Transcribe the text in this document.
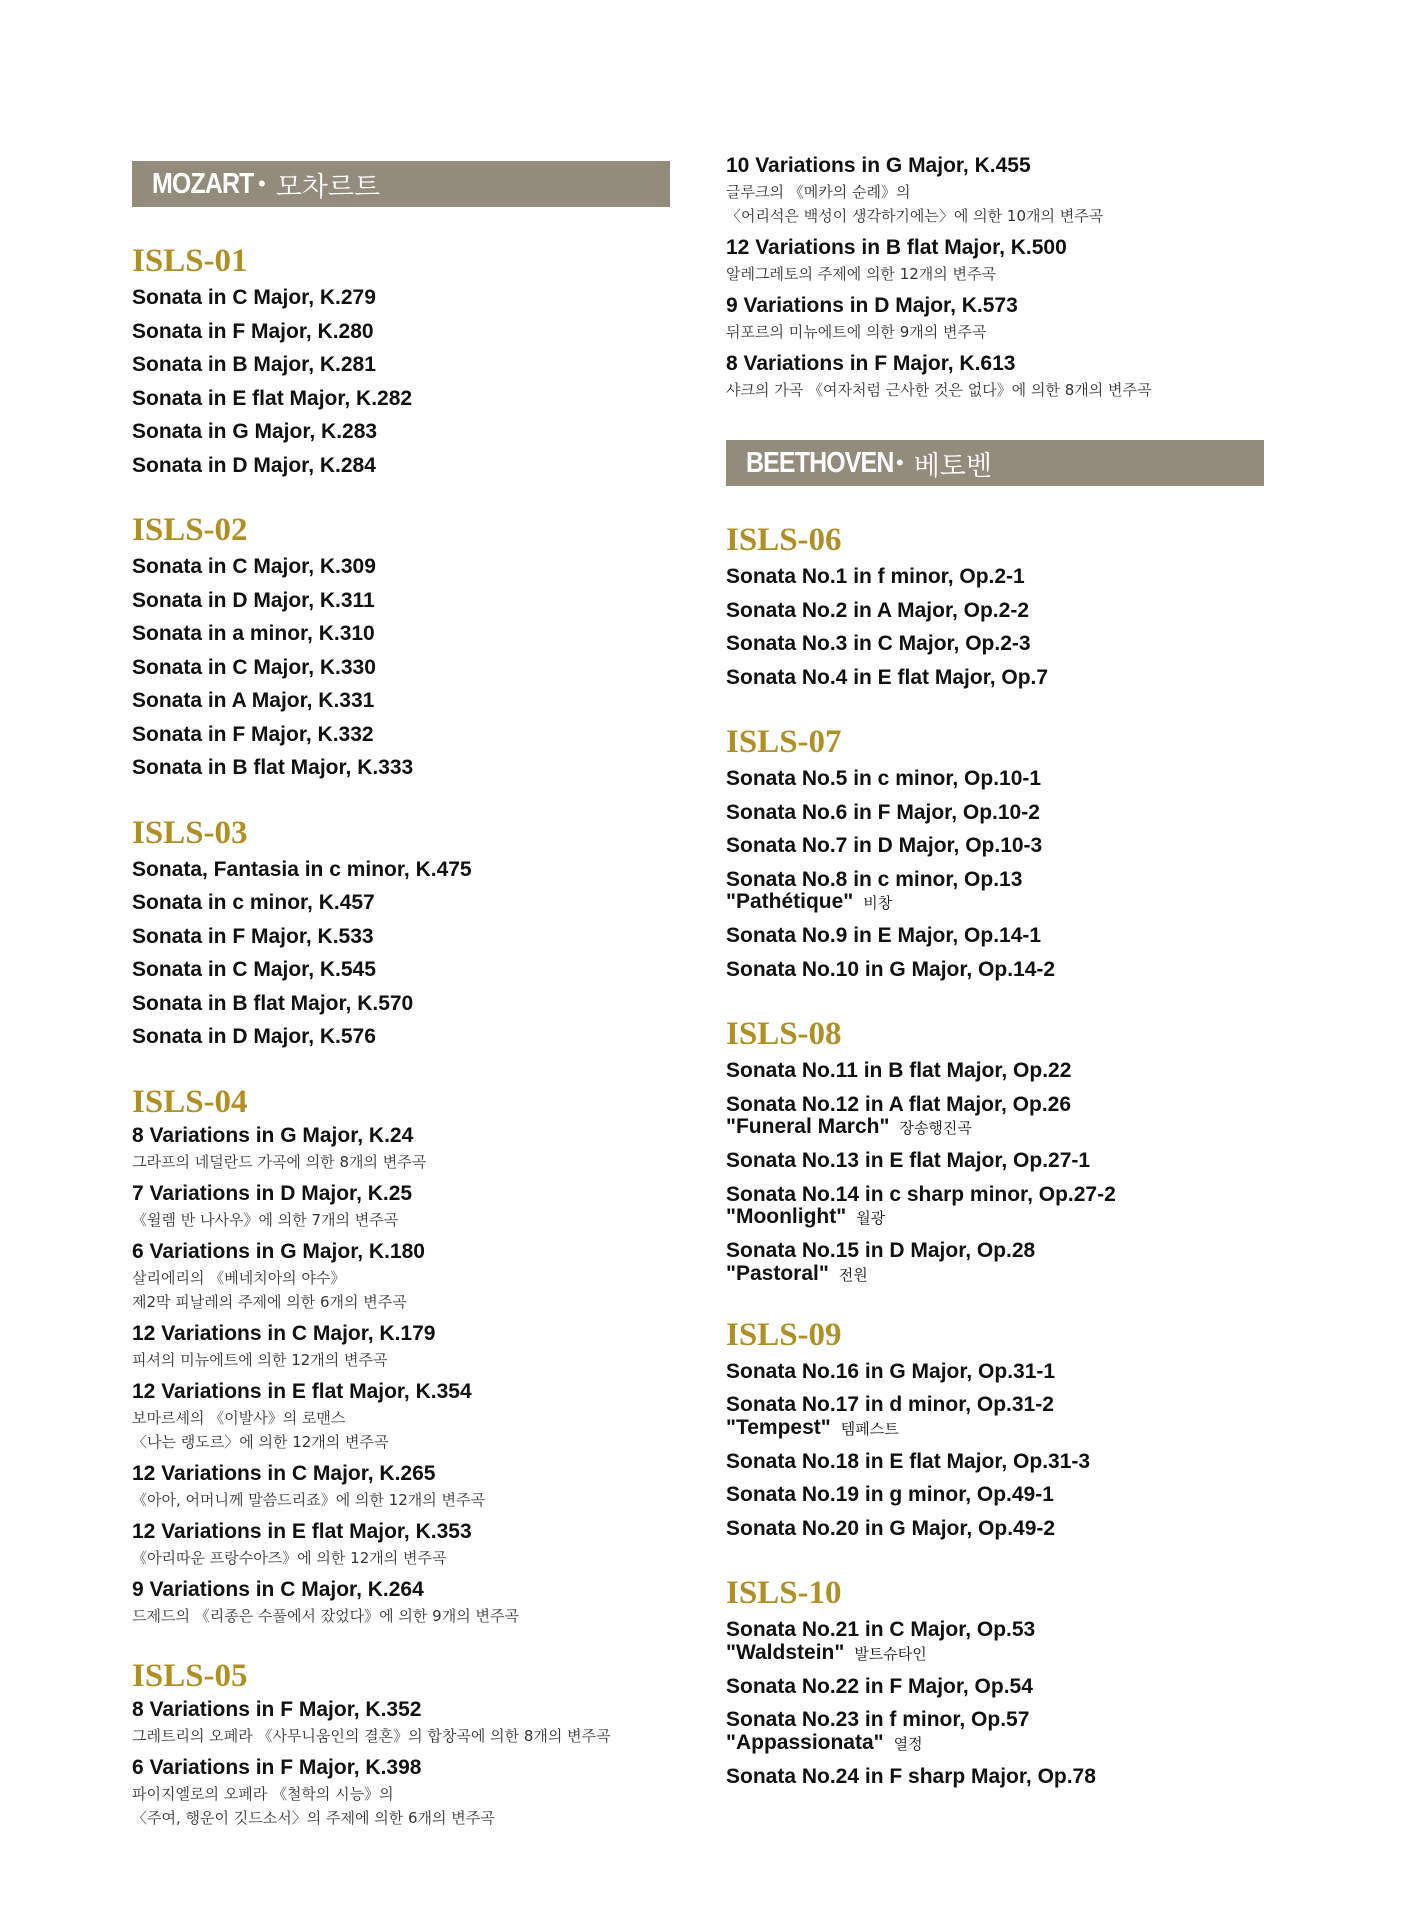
MOZART • 모차르트
ISLS-01
Sonata in C Major, K.279
Sonata in F Major, K.280
Sonata in B Major, K.281
Sonata in E flat Major, K.282
Sonata in G Major, K.283
Sonata in D Major, K.284
ISLS-02
Sonata in C Major, K.309
Sonata in D Major, K.311
Sonata in a minor, K.310
Sonata in C Major, K.330
Sonata in A Major, K.331
Sonata in F Major, K.332
Sonata in B flat Major, K.333
ISLS-03
Sonata, Fantasia in c minor, K.475
Sonata in c minor, K.457
Sonata in F Major, K.533
Sonata in C Major, K.545
Sonata in B flat Major, K.570
Sonata in D Major, K.576
ISLS-04
8 Variations in G Major, K.24
그라프의 네덜란드 가곡에 의한 8개의 변주곡
7 Variations in D Major, K.25
《윌렘 반 나사우》에 의한 7개의 변주곡
6 Variations in G Major, K.180
살리에리의 《베네치아의 야수》
제2막 피날레의 주제에 의한 6개의 변주곡
12 Variations in C Major, K.179
피셔의 미뉴에트에 의한 12개의 변주곡
12 Variations in E flat Major, K.354
보마르셰의 《이발사》의 로맨스
〈나는 랭도르〉에 의한 12개의 변주곡
12 Variations in C Major, K.265
《아아, 어머니께 말씀드리죠》에 의한 12개의 변주곡
12 Variations in E flat Major, K.353
《아리따운 프랑수아즈》에 의한 12개의 변주곡
9 Variations in C Major, K.264
드제드의 《리종은 수풀에서 잤었다》에 의한 9개의 변주곡
ISLS-05
8 Variations in F Major, K.352
그레트리의 오페라 《사무니움인의 결혼》의 합창곡에 의한 8개의 변주곡
6 Variations in F Major, K.398
파이지엘로의 오페라 《철학의 시능》의
〈주여, 행운이 깃드소서〉의 주제에 의한 6개의 변주곡
10 Variations in G Major, K.455
글루크의 《메카의 순례》의
〈어리석은 백성이 생각하기에는〉에 의한 10개의 변주곡
12 Variations in B flat Major, K.500
알레그레토의 주제에 의한 12개의 변주곡
9 Variations in D Major, K.573
뒤포르의 미뉴에트에 의한 9개의 변주곡
8 Variations in F Major, K.613
샤크의 가곡 《여자처럼 근사한 것은 없다》에 의한 8개의 변주곡
BEETHOVEN • 베토벤
ISLS-06
Sonata No.1 in f minor, Op.2-1
Sonata No.2 in A Major, Op.2-2
Sonata No.3 in C Major, Op.2-3
Sonata No.4 in E flat Major, Op.7
ISLS-07
Sonata No.5 in c minor, Op.10-1
Sonata No.6 in F Major, Op.10-2
Sonata No.7 in D Major, Op.10-3
Sonata No.8 in c minor, Op.13
"Pathétique" 비창
Sonata No.9 in E Major, Op.14-1
Sonata No.10 in G Major, Op.14-2
ISLS-08
Sonata No.11 in B flat Major, Op.22
Sonata No.12 in A flat Major, Op.26
"Funeral March" 장송행진곡
Sonata No.13 in E flat Major, Op.27-1
Sonata No.14 in c sharp minor, Op.27-2
"Moonlight" 월광
Sonata No.15 in D Major, Op.28
"Pastoral" 전원
ISLS-09
Sonata No.16 in G Major, Op.31-1
Sonata No.17 in d minor, Op.31-2
"Tempest" 템페스트
Sonata No.18 in E flat Major, Op.31-3
Sonata No.19 in g minor, Op.49-1
Sonata No.20 in G Major, Op.49-2
ISLS-10
Sonata No.21 in C Major, Op.53
"Waldstein" 발트슈타인
Sonata No.22 in F Major, Op.54
Sonata No.23 in f minor, Op.57
"Appassionata" 열정
Sonata No.24 in F sharp Major, Op.78
